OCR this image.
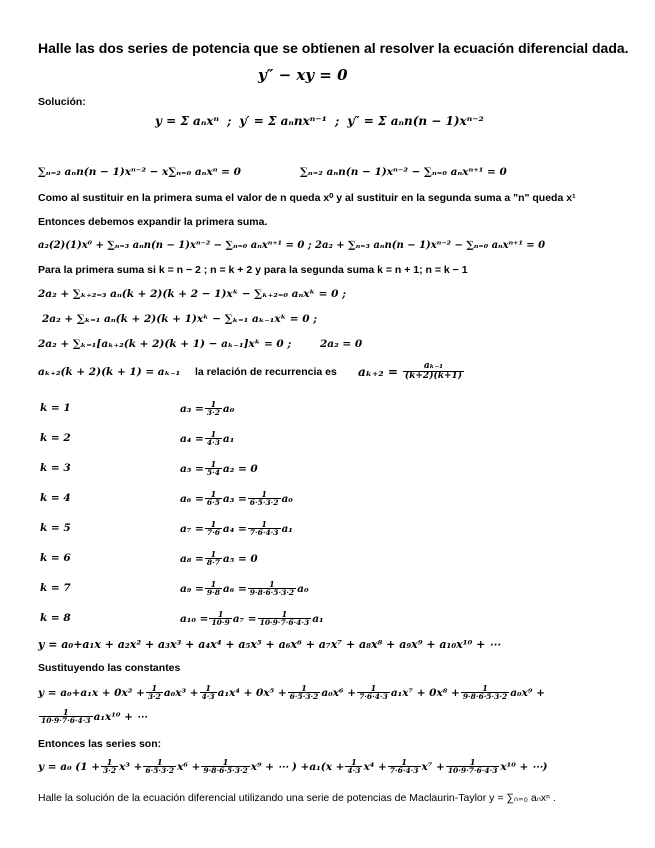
Halle las dos series de potencia que se obtienen al resolver la ecuación diferencial dada.
y″ − xy = 0
Solución:
y = Σ aₙxⁿ ; y′ = Σ aₙnxⁿ⁻¹ ; y″ = Σ aₙn(n − 1)xⁿ⁻²
∑ₙ₌₂ aₙn(n − 1)xⁿ⁻² − x∑ₙ₌₀ aₙxⁿ = 0	∑ₙ₌₂ aₙn(n − 1)xⁿ⁻² − ∑ₙ₌₀ aₙxⁿ⁺¹ = 0
Como al sustituir en la primera suma el valor de n queda x⁰ y al sustituir en la segunda suma a "n" queda x¹
Entonces debemos expandir la primera suma.
a₂(2)(1)x⁰ + ∑ₙ₌₃ aₙn(n − 1)xⁿ⁻² − ∑ₙ₌₀ aₙxⁿ⁺¹ = 0 ; 2a₂ + ∑ₙ₌₃ aₙn(n − 1)xⁿ⁻² − ∑ₙ₌₀ aₙxⁿ⁺¹ = 0
Para la primera suma si k = n − 2 ; n = k + 2 y para la segunda suma k = n + 1; n = k − 1
2a₂ + ∑ₖ₊₂₌₃ aₙ(k + 2)(k + 2 − 1)xᵏ − ∑ₖ₊₂₌₀ aₙxᵏ = 0 ;
2a₂ + ∑ₖ₌₁ aₙ(k + 2)(k + 1)xᵏ − ∑ₖ₌₁ aₖ₋₁xᵏ = 0 ;
2a₂ + ∑ₖ₌₁[aₖ₊₂(k + 2)(k + 1) − aₖ₋₁]xᵏ = 0 ;	2a₂ = 0
aₖ₊₂(k + 2)(k + 1) = aₖ₋₁ la relación de recurrencia es $a_{k+2} = \frac{\text{aₖ₋₁}}{(k+2)(k+1)}$
k = 1	$a_3 = \frac{1}{3\cdot 2} a_0$
k = 2	$a_4 = \frac{1}{4\cdot 3} a_1$
k = 3	$a_5 = \frac{1}{5\cdot 4} a_2 = 0$
k = 4	$a_6 = \frac{1}{6\cdot 5} a_3 = \frac{1}{6\cdot 5\cdot 3\cdot 2} a_0$
k = 5	$a_7 = \frac{1}{7\cdot 6} a_4 = \frac{1}{7\cdot 6\cdot 4\cdot 3} a_1$
k = 6	$a_8 = \frac{1}{8\cdot 7} a_5 = 0$
k = 7	$a_9 = \frac{1}{9\cdot 8} a_6 = \frac{1}{9\cdot 8\cdot 6\cdot 5\cdot 3\cdot 2} a_0$
k = 8	$a_{10} = \frac{1}{10\cdot 9} a_7 = \frac{1}{10\cdot 9\cdot 7\cdot 6\cdot 4\cdot 3} a_1$
y = a₀+a₁x + a₂x² + a₃x³ + a₄x⁴ + a₅x⁵ + a₆x⁶ + a₇x⁷ + a₈x⁸ + a₉x⁹ + a₁₀x¹⁰ + ⋯
Sustituyendo las constantes
$y = a_0+a_1x + 0x^2 + \frac{1}{3\cdot 2} a_0x^3 + \frac{1}{4\cdot 3} a_1x^4 + 0x^5 + \frac{1}{6\cdot 5\cdot 3\cdot 2} a_0x^6 + \frac{1}{7\cdot 6\cdot 4\cdot 3} a_1x^7 + 0x^8 + \frac{1}{9\cdot 8\cdot 6\cdot 5\cdot 3\cdot 2} a_0x^9$ +
$\frac{1}{10\cdot 9\cdot 7\cdot 6\cdot 4\cdot 3} a_1x^{10}$ + ⋯
Entonces las series son:
y = a₀ ($1 + \frac{1}{3\cdot 2} x^3 + \frac{1}{6\cdot 5\cdot 3\cdot 2} x^6 + \frac{1}{9\cdot 8\cdot 6\cdot 5\cdot 3\cdot 2} x^9$ + ⋯ ) $+a_1(x + \frac{1}{4\cdot 3} x^4 + \frac{1}{7\cdot 6\cdot 4\cdot 3} x^7 + \frac{1}{10\cdot 9\cdot 7\cdot 6\cdot 4\cdot 3} x^{10}$ + ⋯)
Halle la solución de la ecuación diferencial utilizando una serie de potencias de Maclaurin-Taylor y = ∑ₙ₌₀ aₙxⁿ .
